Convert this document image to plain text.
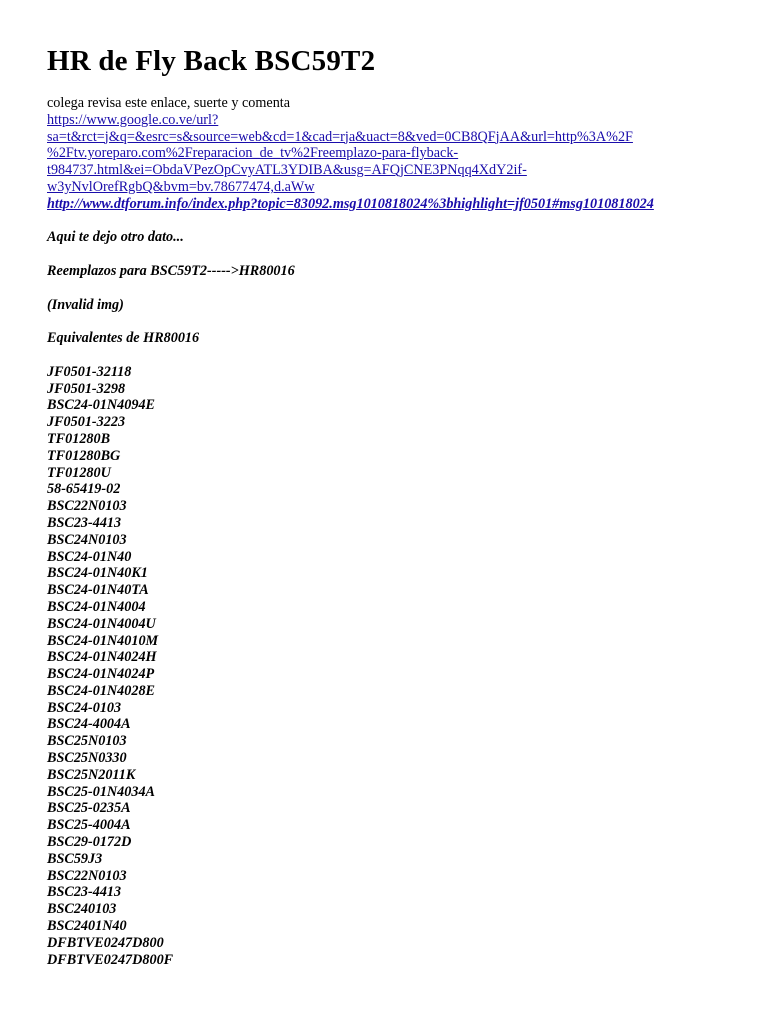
HR de Fly Back BSC59T2
colega revisa este enlace, suerte y comenta
https://www.google.co.ve/url?
sa=t&rct=j&q=&esrc=s&source=web&cd=1&cad=rja&uact=8&ved=0CB8QFjAA&url=http%3A%2F
%2Ftv.yoreparo.com%2Freparacion_de_tv%2Freemplazo-para-flyback-
t984737.html&ei=ObdaVPezOpCvyATL3YDIBA&usg=AFQjCNE3PNqq4XdY2if-
w3yNvlOrefRgbQ&bvm=bv.78677474,d.aWw
http://www.dtforum.info/index.php?topic=83092.msg1010818024%3bhighlight=jf0501#msg1010818024
Aqui te dejo otro dato...
Reemplazos para BSC59T2----->HR80016
(Invalid img)
Equivalentes de HR80016
JF0501-32118
JF0501-3298
BSC24-01N4094E
JF0501-3223
TF01280B
TF01280BG
TF01280U
58-65419-02
BSC22N0103
BSC23-4413
BSC24N0103
BSC24-01N40
BSC24-01N40K1
BSC24-01N40TA
BSC24-01N4004
BSC24-01N4004U
BSC24-01N4010M
BSC24-01N4024H
BSC24-01N4024P
BSC24-01N4028E
BSC24-0103
BSC24-4004A
BSC25N0103
BSC25N0330
BSC25N2011K
BSC25-01N4034A
BSC25-0235A
BSC25-4004A
BSC29-0172D
BSC59J3
BSC22N0103
BSC23-4413
BSC240103
BSC2401N40
DFBTVE0247D800
DFBTVE0247D800F
